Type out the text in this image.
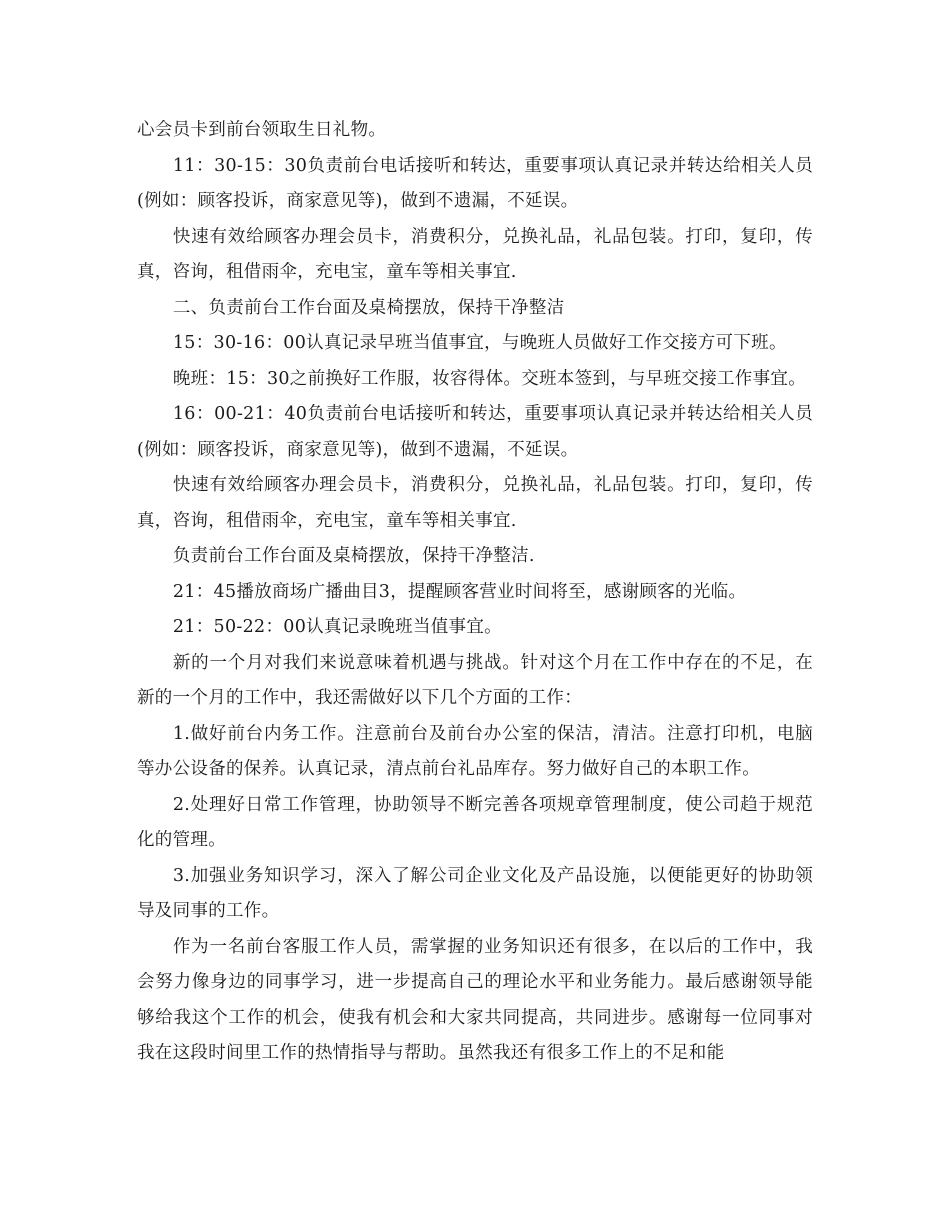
心会员卡到前台领取生日礼物。

11：30-15：30负责前台电话接听和转达，重要事项认真记录并转达给相关人员(例如：顾客投诉，商家意见等)，做到不遗漏，不延误。

快速有效给顾客办理会员卡，消费积分，兑换礼品，礼品包装。打印，复印，传真，咨询，租借雨伞，充电宝，童车等相关事宜.

二、负责前台工作台面及桌椅摆放，保持干净整洁

15：30-16：00认真记录早班当值事宜，与晚班人员做好工作交接方可下班。

晚班：15：30之前换好工作服，妆容得体。交班本签到，与早班交接工作事宜。

16：00-21：40负责前台电话接听和转达，重要事项认真记录并转达给相关人员(例如：顾客投诉，商家意见等)，做到不遗漏，不延误。

快速有效给顾客办理会员卡，消费积分，兑换礼品，礼品包装。打印，复印，传真，咨询，租借雨伞，充电宝，童车等相关事宜.

负责前台工作台面及桌椅摆放，保持干净整洁.

21：45播放商场广播曲目3，提醒顾客营业时间将至，感谢顾客的光临。

21：50-22：00认真记录晚班当值事宜。

新的一个月对我们来说意味着机遇与挑战。针对这个月在工作中存在的不足，在新的一个月的工作中，我还需做好以下几个方面的工作：

1.做好前台内务工作。注意前台及前台办公室的保洁，清洁。注意打印机，电脑等办公设备的保养。认真记录，清点前台礼品库存。努力做好自己的本职工作。

2.处理好日常工作管理，协助领导不断完善各项规章管理制度，使公司趋于规范化的管理。

3.加强业务知识学习，深入了解公司企业文化及产品设施，以便能更好的协助领导及同事的工作。

作为一名前台客服工作人员，需掌握的业务知识还有很多，在以后的工作中，我会努力像身边的同事学习，进一步提高自己的理论水平和业务能力。最后感谢领导能够给我这个工作的机会，使我有机会和大家共同提高，共同进步。感谢每一位同事对我在这段时间里工作的热情指导与帮助。虽然我还有很多工作上的不足和能
